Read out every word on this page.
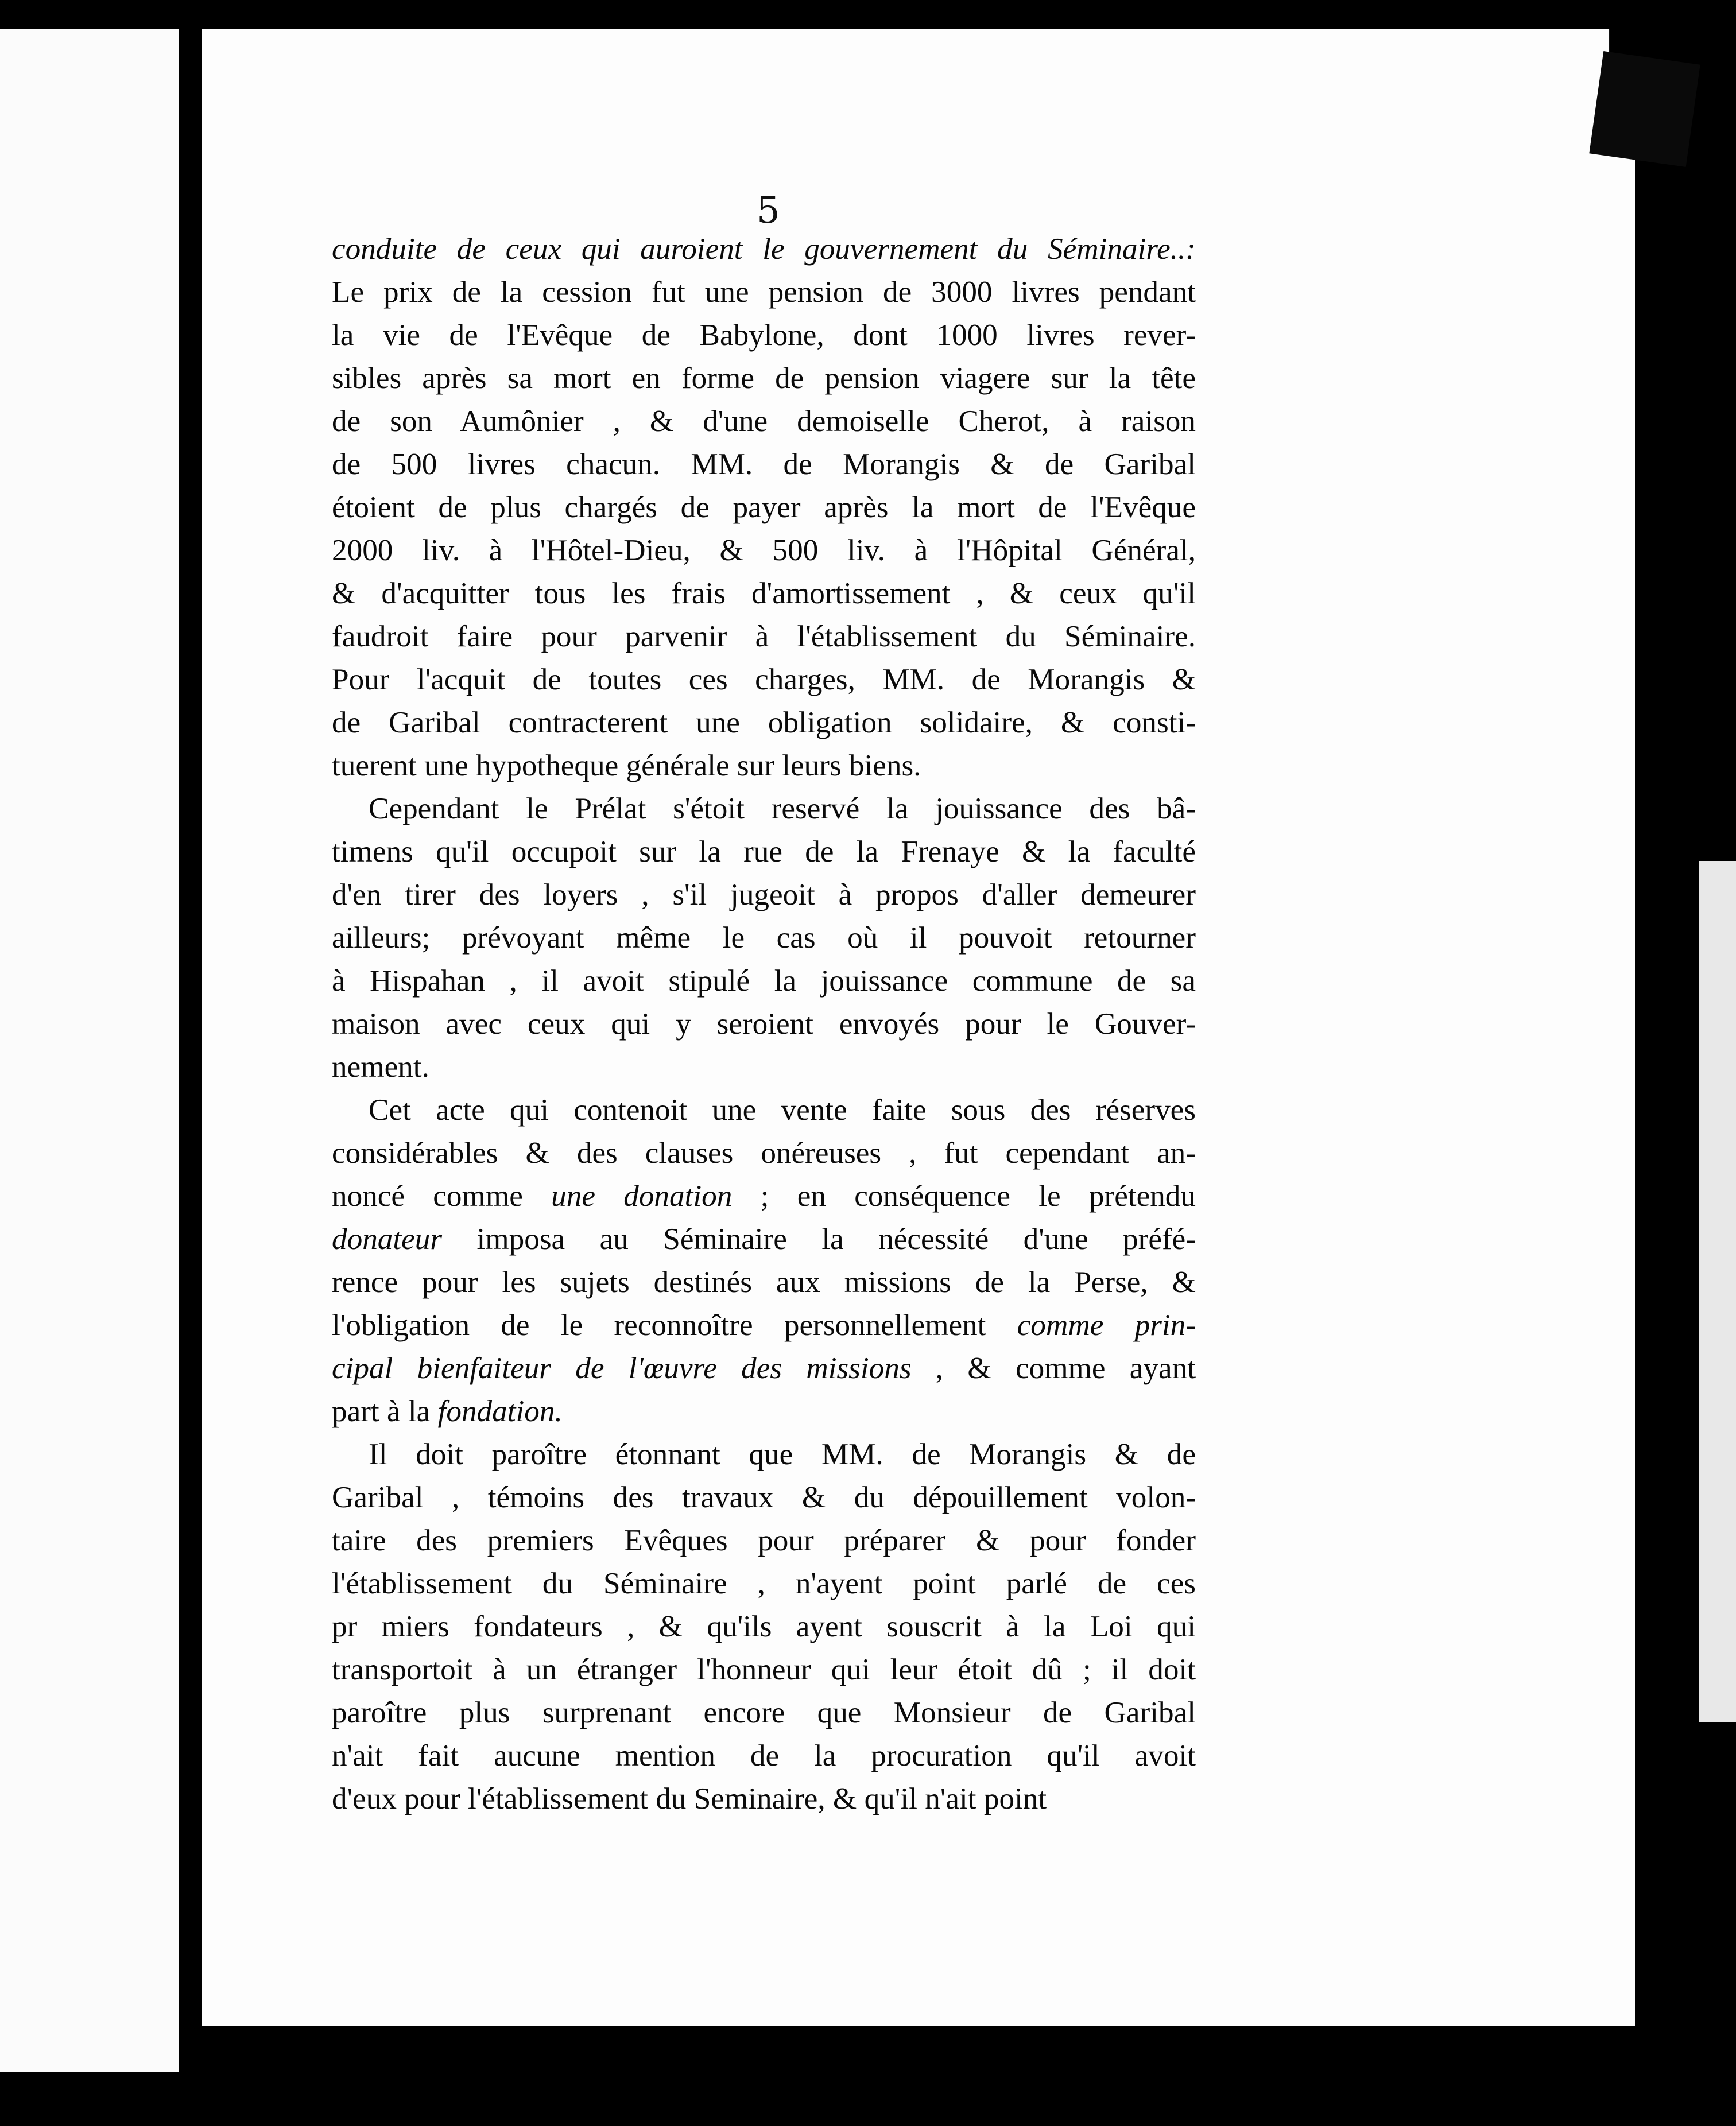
5
conduite de ceux qui auroient le gouvernement du Séminaire..:
Le prix de la cession fut une pension de 3000 livres pendant
la vie de l'Evêque de Babylone, dont 1000 livres rever-
sibles après sa mort en forme de pension viagere sur la tête
de son Aumônier , & d'une demoiselle Cherot, à raison
de 500 livres chacun. MM. de Morangis & de Garibal
étoient de plus chargés de payer après la mort de l'Evêque
2000 liv. à l'Hôtel-Dieu, & 500 liv. à l'Hôpital Général,
& d'acquitter tous les frais d'amortissement , & ceux qu'il
faudroit faire pour parvenir à l'établissement du Séminaire.
Pour l'acquit de toutes ces charges, MM. de Morangis &
de Garibal contracterent une obligation solidaire, & consti-
tuerent une hypotheque générale sur leurs biens.
Cependant le Prélat s'étoit reservé la jouissance des bâ-
timens qu'il occupoit sur la rue de la Frenaye & la faculté
d'en tirer des loyers , s'il jugeoit à propos d'aller demeurer
ailleurs; prévoyant même le cas où il pouvoit retourner
à Hispahan , il avoit stipulé la jouissance commune de sa
maison avec ceux qui y seroient envoyés pour le Gouver-
nement.
Cet acte qui contenoit une vente faite sous des réserves
considérables & des clauses onéreuses , fut cependant an-
noncé comme une donation ; en conséquence le prétendu
donateur imposa au Séminaire la nécessité d'une préfé-
rence pour les sujets destinés aux missions de la Perse, &
l'obligation de le reconnoître personnellement comme prin-
cipal bienfaiteur de l'œuvre des missions , & comme ayant
part à la fondation.
Il doit paroître étonnant que MM. de Morangis & de
Garibal , témoins des travaux & du dépouillement volon-
taire des premiers Evêques pour préparer & pour fonder
l'établissement du Séminaire , n'ayent point parlé de ces
pr miers fondateurs , & qu'ils ayent souscrit à la Loi qui
transportoit à un étranger l'honneur qui leur étoit dû ; il doit
paroître plus surprenant encore que Monsieur de Garibal
n'ait fait aucune mention de la procuration qu'il avoit
d'eux pour l'établissement du Seminaire, & qu'il n'ait point
